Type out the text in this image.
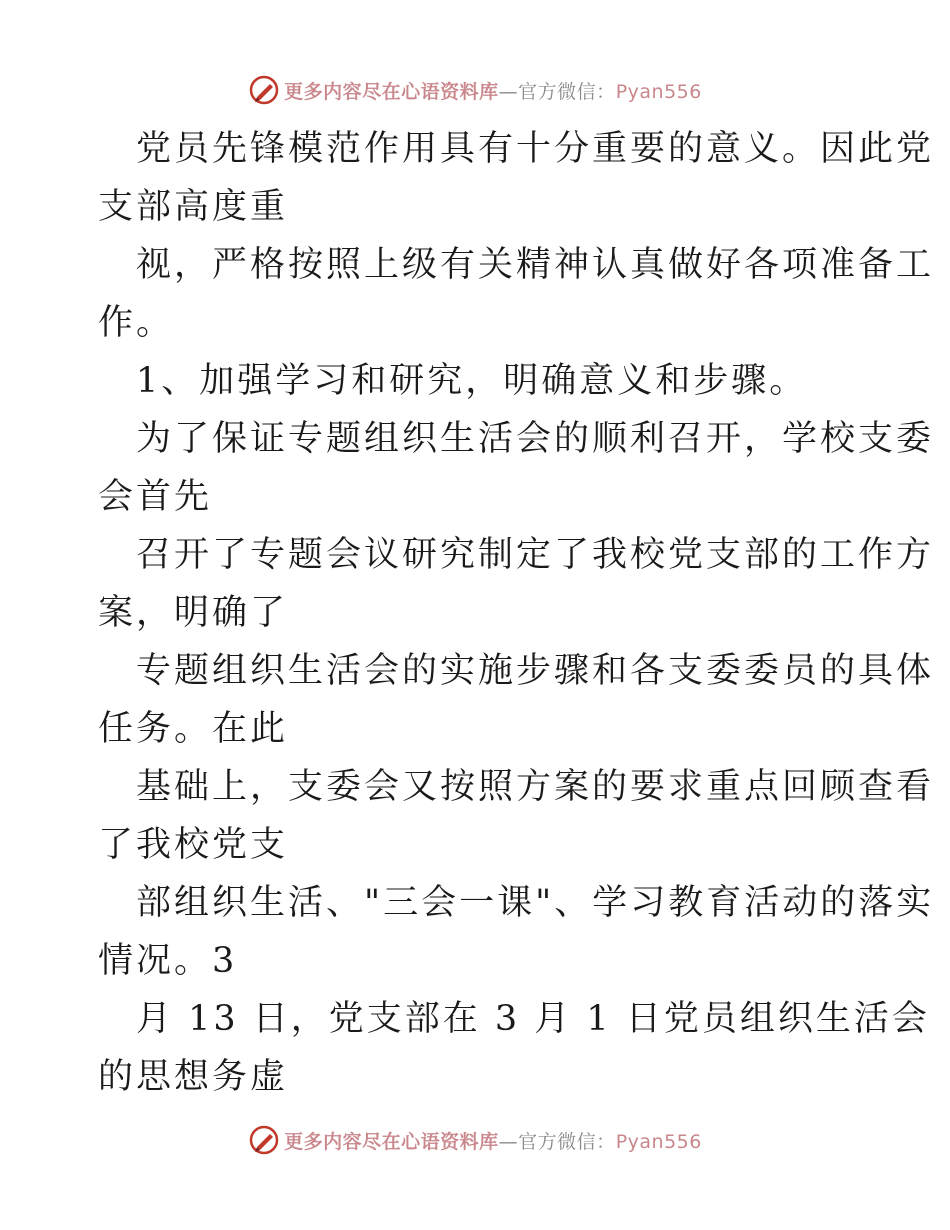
更多内容尽在心语资料库—官方微信：Pyan556

　党员先锋模范作用具有十分重要的意义。因此党

支部高度重

　视，严格按照上级有关精神认真做好各项准备工

作。

　1、加强学习和研究，明确意义和步骤。

　为了保证专题组织生活会的顺利召开，学校支委

会首先

　召开了专题会议研究制定了我校党支部的工作方

案，明确了

　专题组织生活会的实施步骤和各支委委员的具体

任务。在此

　基础上，支委会又按照方案的要求重点回顾查看

了我校党支

　部组织生活、"三会一课"、学习教育活动的落实

情况。3

　月 13 日，党支部在 3 月 1 日党员组织生活会

的思想务虚

更多内容尽在心语资料库—官方微信：Pyan556
